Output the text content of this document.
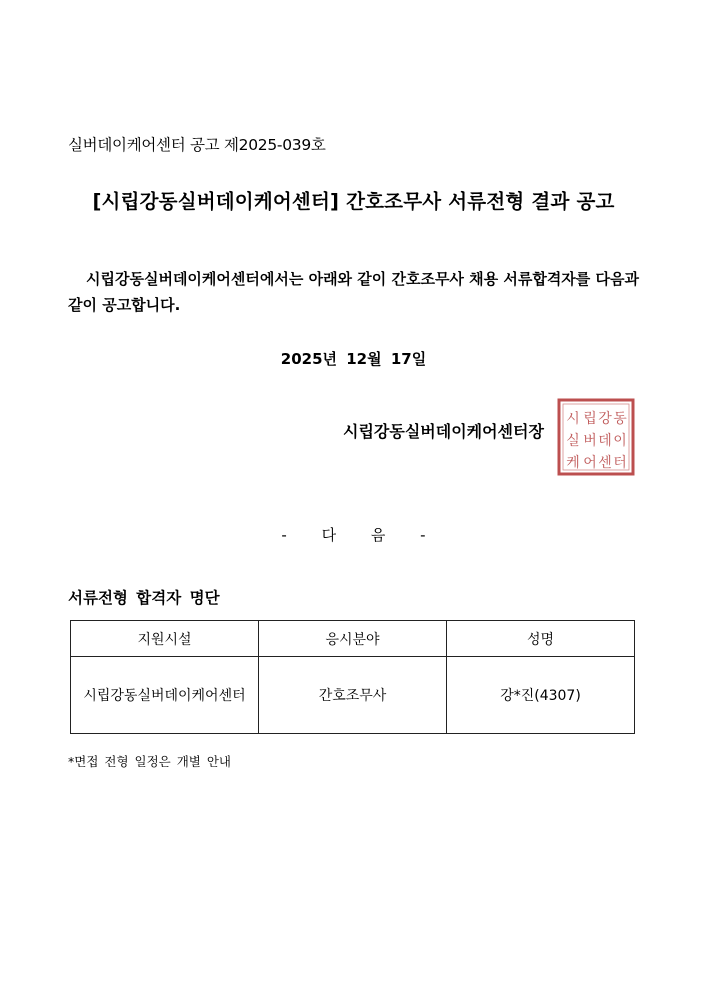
실버데이케어센터 공고 제2025-039호
[시립강동실버데이케어센터] 간호조무사 서류전형 결과 공고
시립강동실버데이케어센터에서는 아래와 같이 간호조무사 채용 서류합격자를 다음과 같이 공고합니다.
2025년 12월 17일
시립강동실버데이케어센터장
시 립 강 동
실 버 데 이
케 어 센 터
- 다 음 -
서류전형 합격자 명단
지원시설	응시분야	성명
시립강동실버데이케어센터	간호조무사	강*진(4307)
*면접 전형 일정은 개별 안내
